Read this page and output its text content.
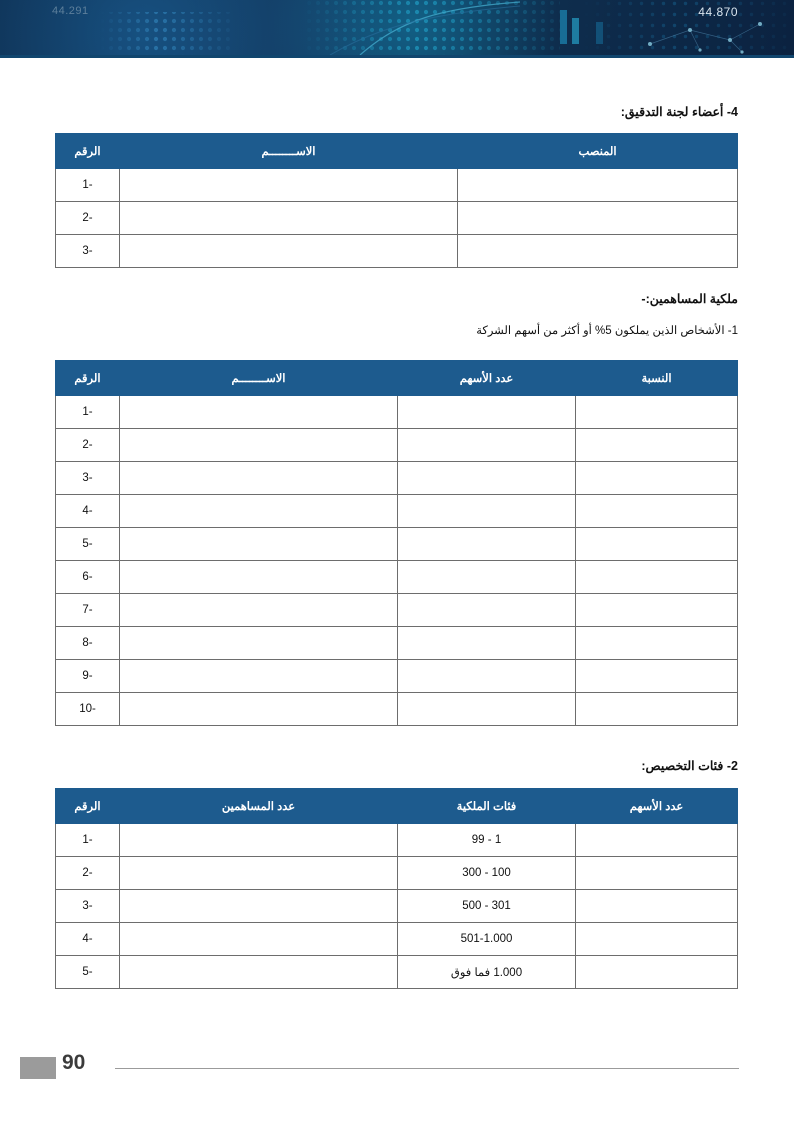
44.291	44.870
4- أعضاء لجنة التدقيق:
المنصب	الاســــــــم	الرقم
		1-
		2-
		3-
ملكية المساهمين:-
1- الأشخاص الذين يملكون 5% أو أكثر من أسهم الشركة
النسبة	عدد الأسهم	الاســــــــم	الرقم
			1-
			2-
			3-
			4-
			5-
			6-
			7-
			8-
			9-
			10-
2- فئات التخصيص:
عدد الأسهم	فئات الملكية	عدد المساهمين	الرقم
	1 - 99		1-
	100 - 300		2-
	301 - 500		3-
	501-1.000		4-
	1.000 فما فوق		5-
90
